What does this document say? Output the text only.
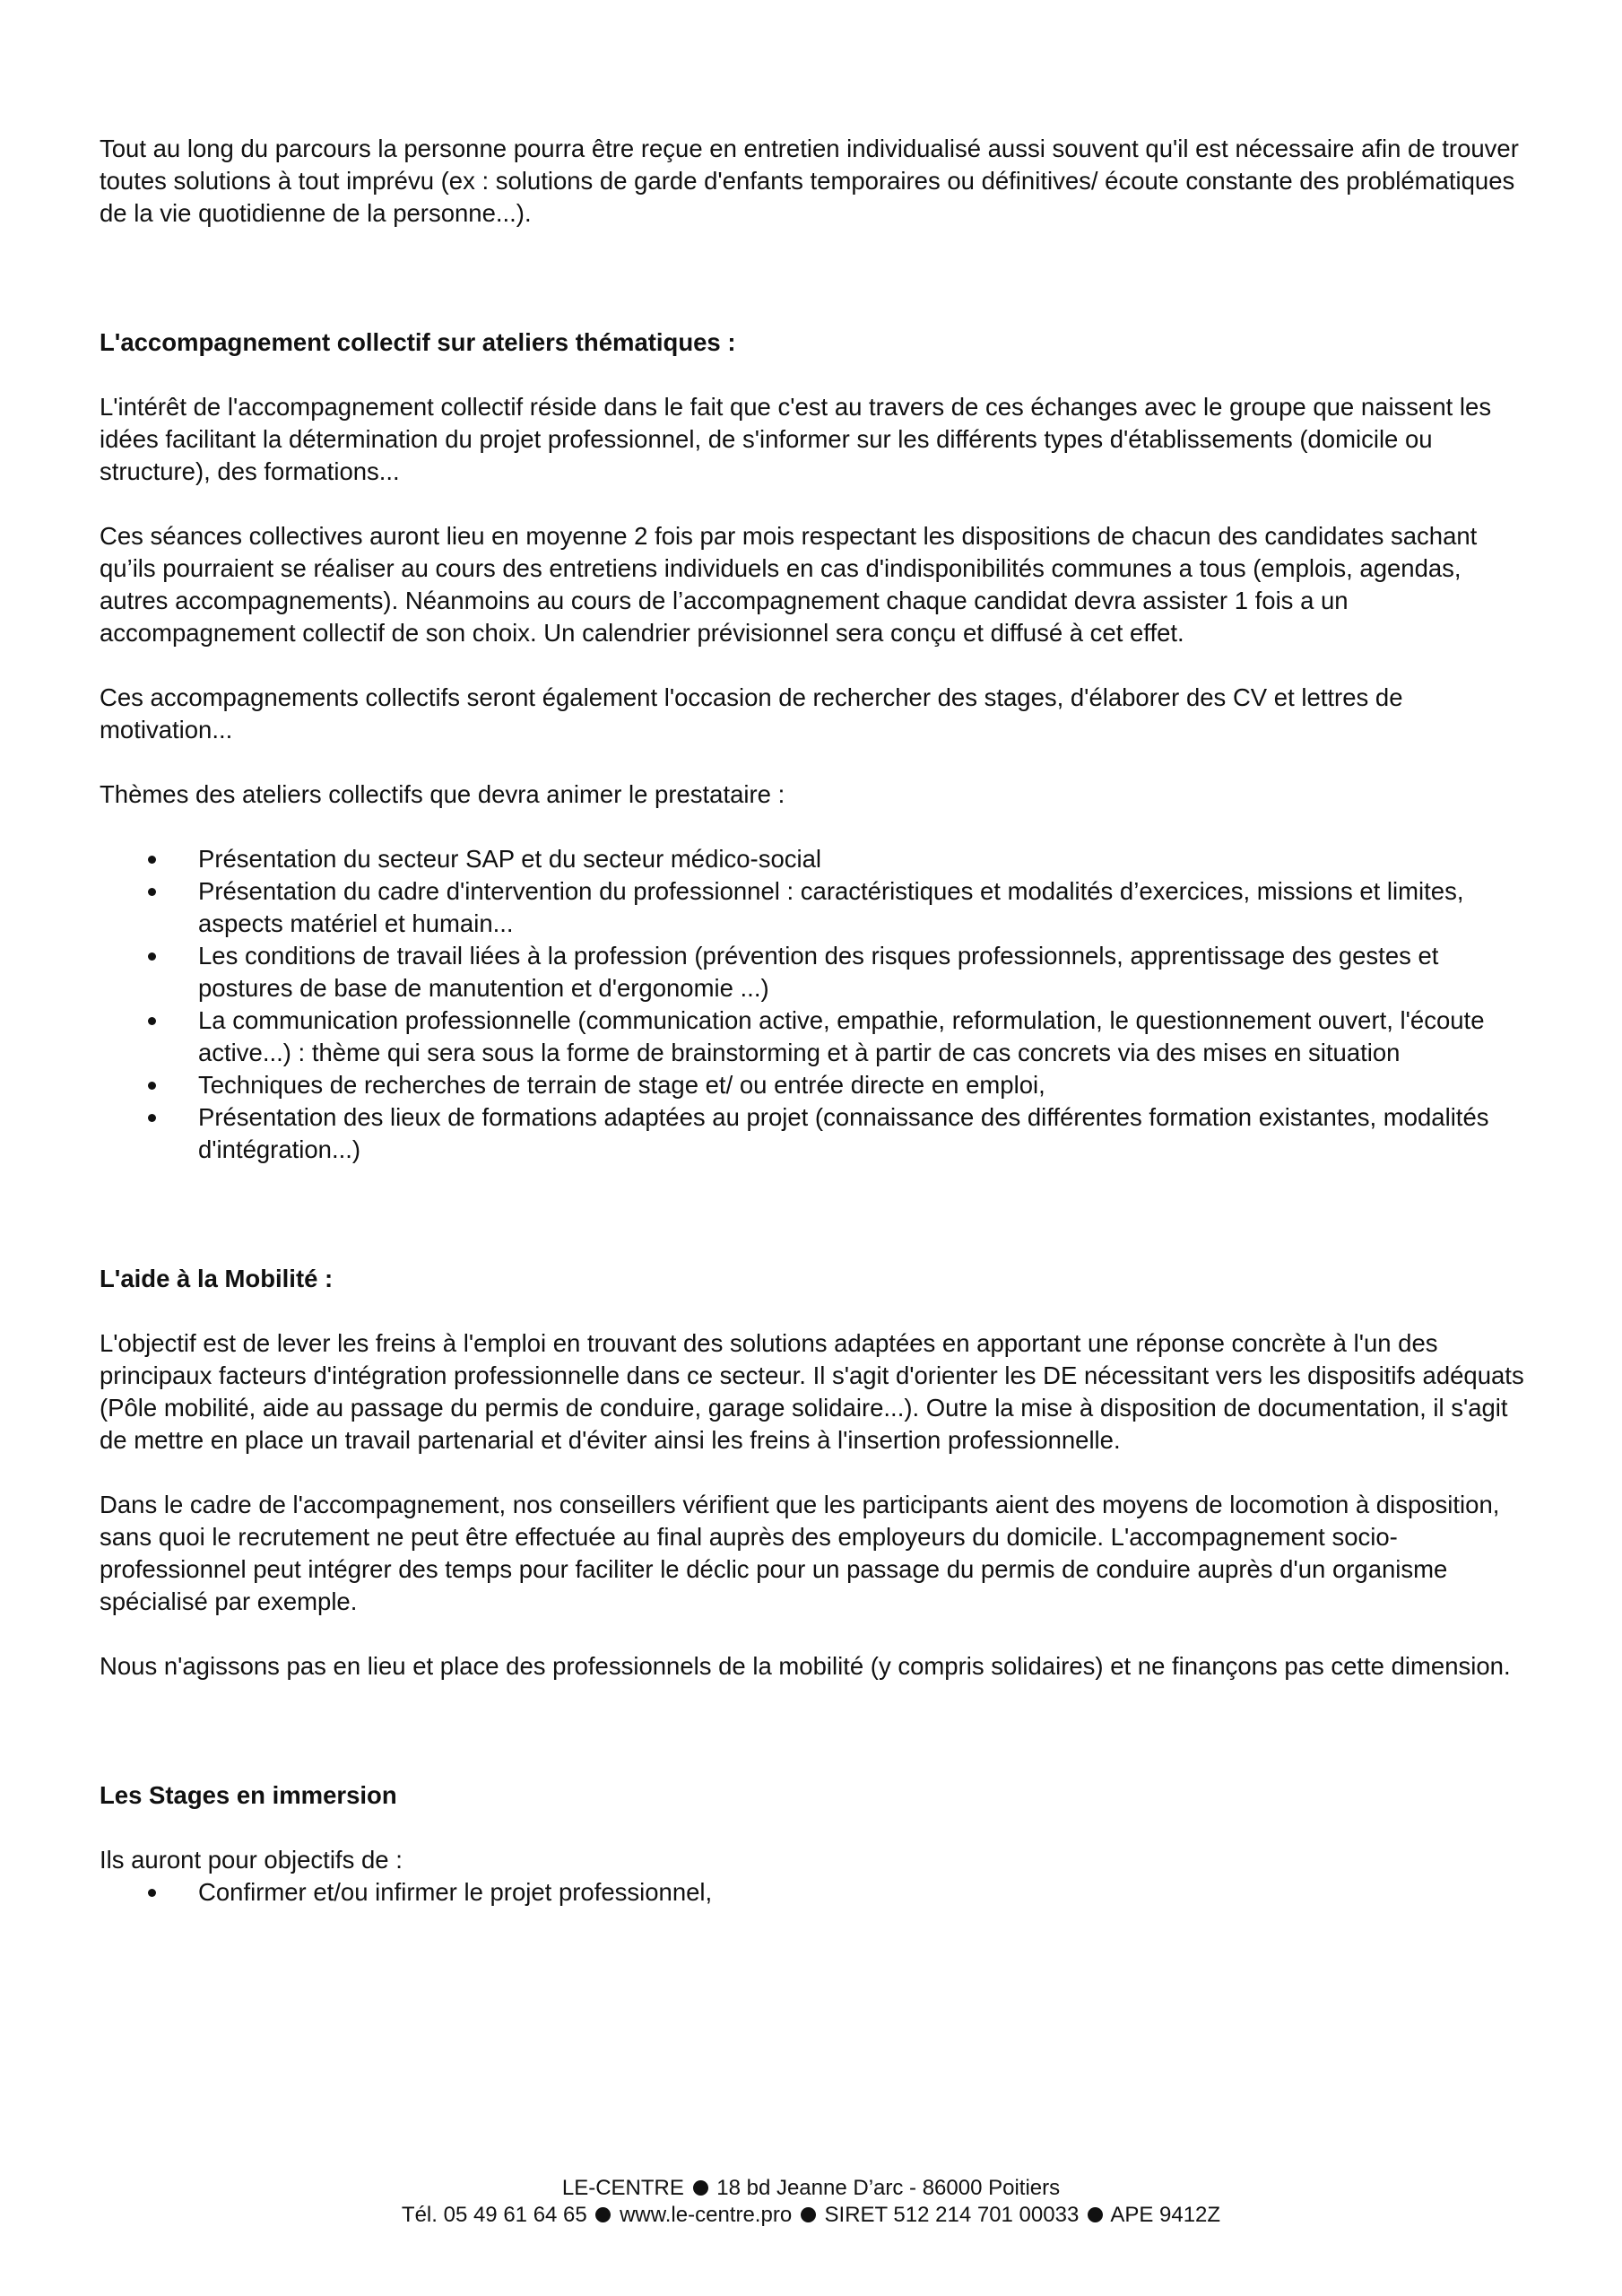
Tout au long du parcours la personne pourra être reçue en entretien individualisé aussi souvent qu'il est nécessaire afin de trouver toutes solutions à tout imprévu (ex : solutions de garde d'enfants temporaires ou définitives/ écoute constante des problématiques de la vie quotidienne de la personne...).

L'accompagnement collectif sur ateliers thématiques :

L'intérêt de l'accompagnement collectif réside dans le fait que c'est au travers de ces échanges avec le groupe que naissent les idées facilitant la détermination du projet professionnel, de s'informer sur les différents types d'établissements (domicile ou structure), des formations...

Ces séances collectives auront lieu en moyenne 2 fois par mois respectant les dispositions de chacun des candidates sachant qu’ils pourraient se réaliser au cours des entretiens individuels en cas d'indisponibilités communes a tous (emplois, agendas, autres accompagnements). Néanmoins au cours de l’accompagnement chaque candidat devra assister 1 fois a un accompagnement collectif de son choix. Un calendrier prévisionnel sera conçu et diffusé à cet effet.

Ces accompagnements collectifs seront également l'occasion de rechercher des stages, d'élaborer des CV et lettres de motivation...

Thèmes des ateliers collectifs que devra animer le prestataire :

Présentation du secteur SAP et du secteur médico-social
Présentation du cadre d'intervention du professionnel : caractéristiques et modalités d’exercices, missions et limites, aspects matériel et humain...
Les conditions de travail liées à la profession (prévention des risques professionnels, apprentissage des gestes et postures de base de manutention et d'ergonomie ...)
La communication professionnelle (communication active, empathie, reformulation, le questionnement ouvert, l'écoute active...) : thème qui sera sous la forme de brainstorming et à partir de cas concrets via des mises en situation
Techniques de recherches de terrain de stage et/ ou entrée directe en emploi,
Présentation des lieux de formations adaptées au projet (connaissance des différentes formation existantes, modalités d'intégration...)

L'aide à la Mobilité :

L'objectif est de lever les freins à l'emploi en trouvant des solutions adaptées en apportant une réponse concrète à l'un des principaux facteurs d'intégration professionnelle dans ce secteur. Il s'agit d'orienter les DE nécessitant vers les dispositifs adéquats (Pôle mobilité, aide au passage du permis de conduire, garage solidaire...). Outre la mise à disposition de documentation, il s'agit de mettre en place un travail partenarial et d'éviter ainsi les freins à l'insertion professionnelle.

Dans le cadre de l'accompagnement, nos conseillers vérifient que les participants aient des moyens de locomotion à disposition, sans quoi le recrutement ne peut être effectuée au final auprès des employeurs du domicile. L'accompagnement socio-professionnel peut intégrer des temps pour faciliter le déclic pour un passage du permis de conduire auprès d'un organisme spécialisé par exemple.

Nous n'agissons pas en lieu et place des professionnels de la mobilité (y compris solidaires) et ne finançons pas cette dimension.

Les Stages en immersion

Ils auront pour objectifs de :

Confirmer et/ou infirmer le projet professionnel,
LE-CENTRE 18 bd Jeanne D’arc - 86000 Poitiers
Tél. 05 49 61 64 65 www.le-centre.pro SIRET 512 214 701 00033 APE 9412Z
